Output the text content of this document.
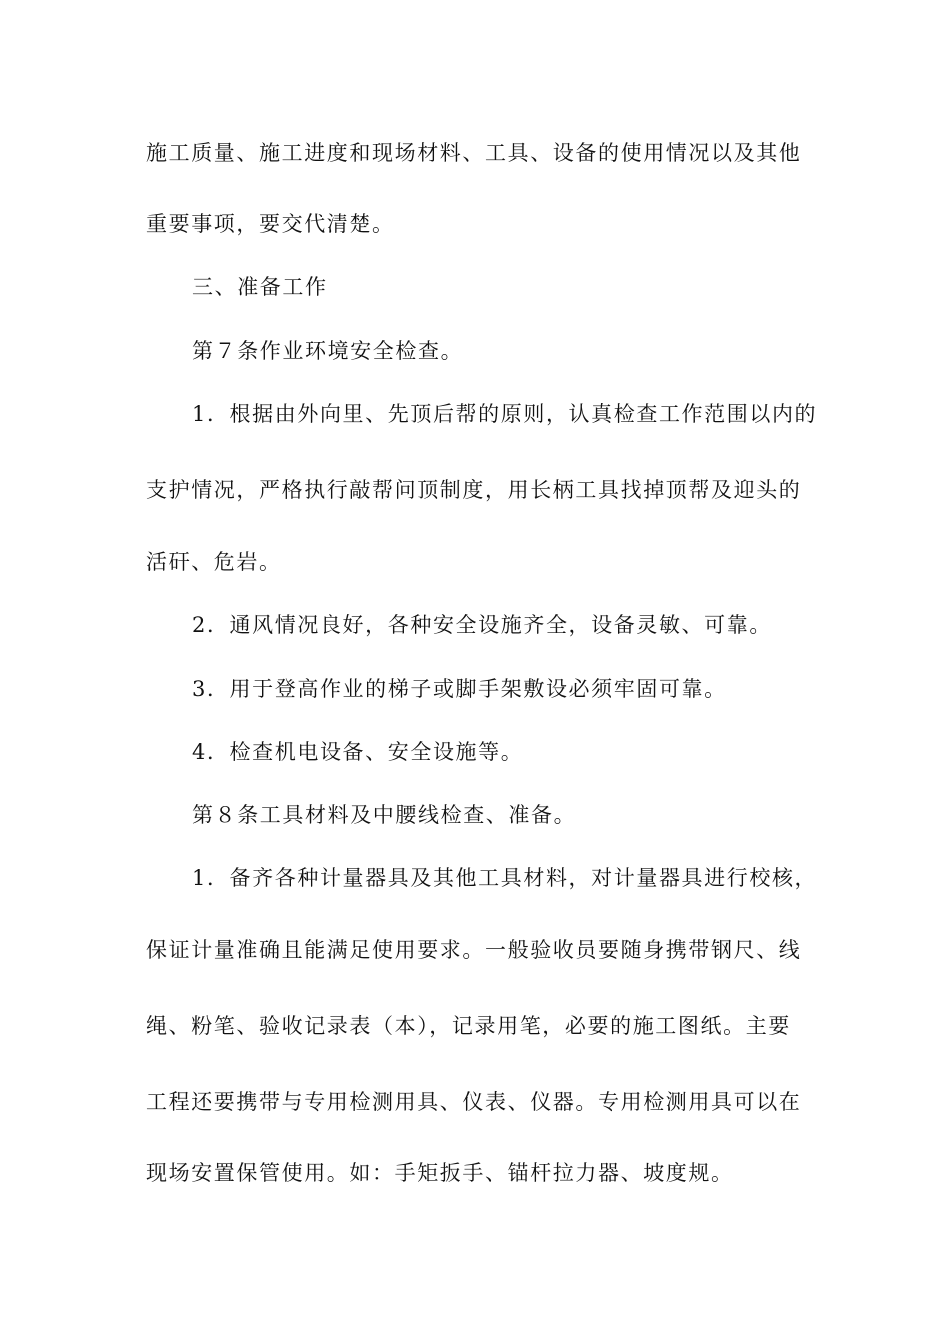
施工质量、施工进度和现场材料、工具、设备的使用情况以及其他
重要事项，要交代清楚。
三、准备工作
第７条作业环境安全检查。
1．根据由外向里、先顶后帮的原则，认真检查工作范围以内的
支护情况，严格执行敲帮问顶制度，用长柄工具找掉顶帮及迎头的
活矸、危岩。
2．通风情况良好，各种安全设施齐全，设备灵敏、可靠。
3．用于登高作业的梯子或脚手架敷设必须牢固可靠。
4．检查机电设备、安全设施等。
第８条工具材料及中腰线检查、准备。
1．备齐各种计量器具及其他工具材料，对计量器具进行校核，
保证计量准确且能满足使用要求。一般验收员要随身携带钢尺、线
绳、粉笔、验收记录表（本），记录用笔，必要的施工图纸。主要
工程还要携带与专用检测用具、仪表、仪器。专用检测用具可以在
现场安置保管使用。如：手矩扳手、锚杆拉力器、坡度规。
